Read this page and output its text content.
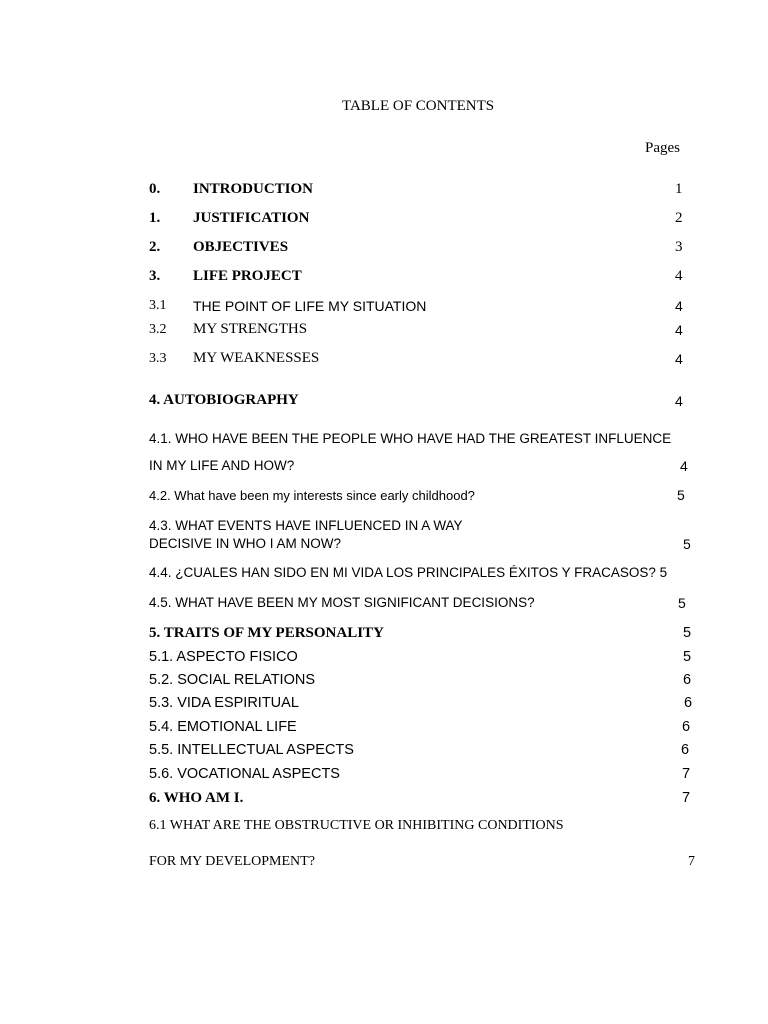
TABLE OF CONTENTS
Pages
0. INTRODUCTION	1
1. JUSTIFICATION	2
2. OBJECTIVES	3
3. LIFE PROJECT	4
3.1 THE POINT OF LIFE MY SITUATION	4
3.2 MY STRENGTHS	4
3.3 MY WEAKNESSES	4
4. AUTOBIOGRAPHY	4
4.1. WHO HAVE BEEN THE PEOPLE WHO HAVE HAD THE GREATEST INFLUENCE
IN MY LIFE AND HOW?	4
4.2. What have been my interests since early childhood?	5
4.3. WHAT EVENTS HAVE INFLUENCED IN A WAY
DECISIVE IN WHO I AM NOW?	5
4.4. ¿CUALES HAN SIDO EN MI VIDA LOS PRINCIPALES ÉXITOS Y FRACASOS? 5
4.5. WHAT HAVE BEEN MY MOST SIGNIFICANT DECISIONS?	5
5. TRAITS OF MY PERSONALITY	5
5.1. ASPECTO FISICO	5
5.2. SOCIAL RELATIONS	6
5.3. VIDA ESPIRITUAL	6
5.4. EMOTIONAL LIFE	6
5.5. INTELLECTUAL ASPECTS	6
5.6. VOCATIONAL ASPECTS	7
6. WHO AM I.	7
6.1 WHAT ARE THE OBSTRUCTIVE OR INHIBITING CONDITIONS
FOR MY DEVELOPMENT?	7
